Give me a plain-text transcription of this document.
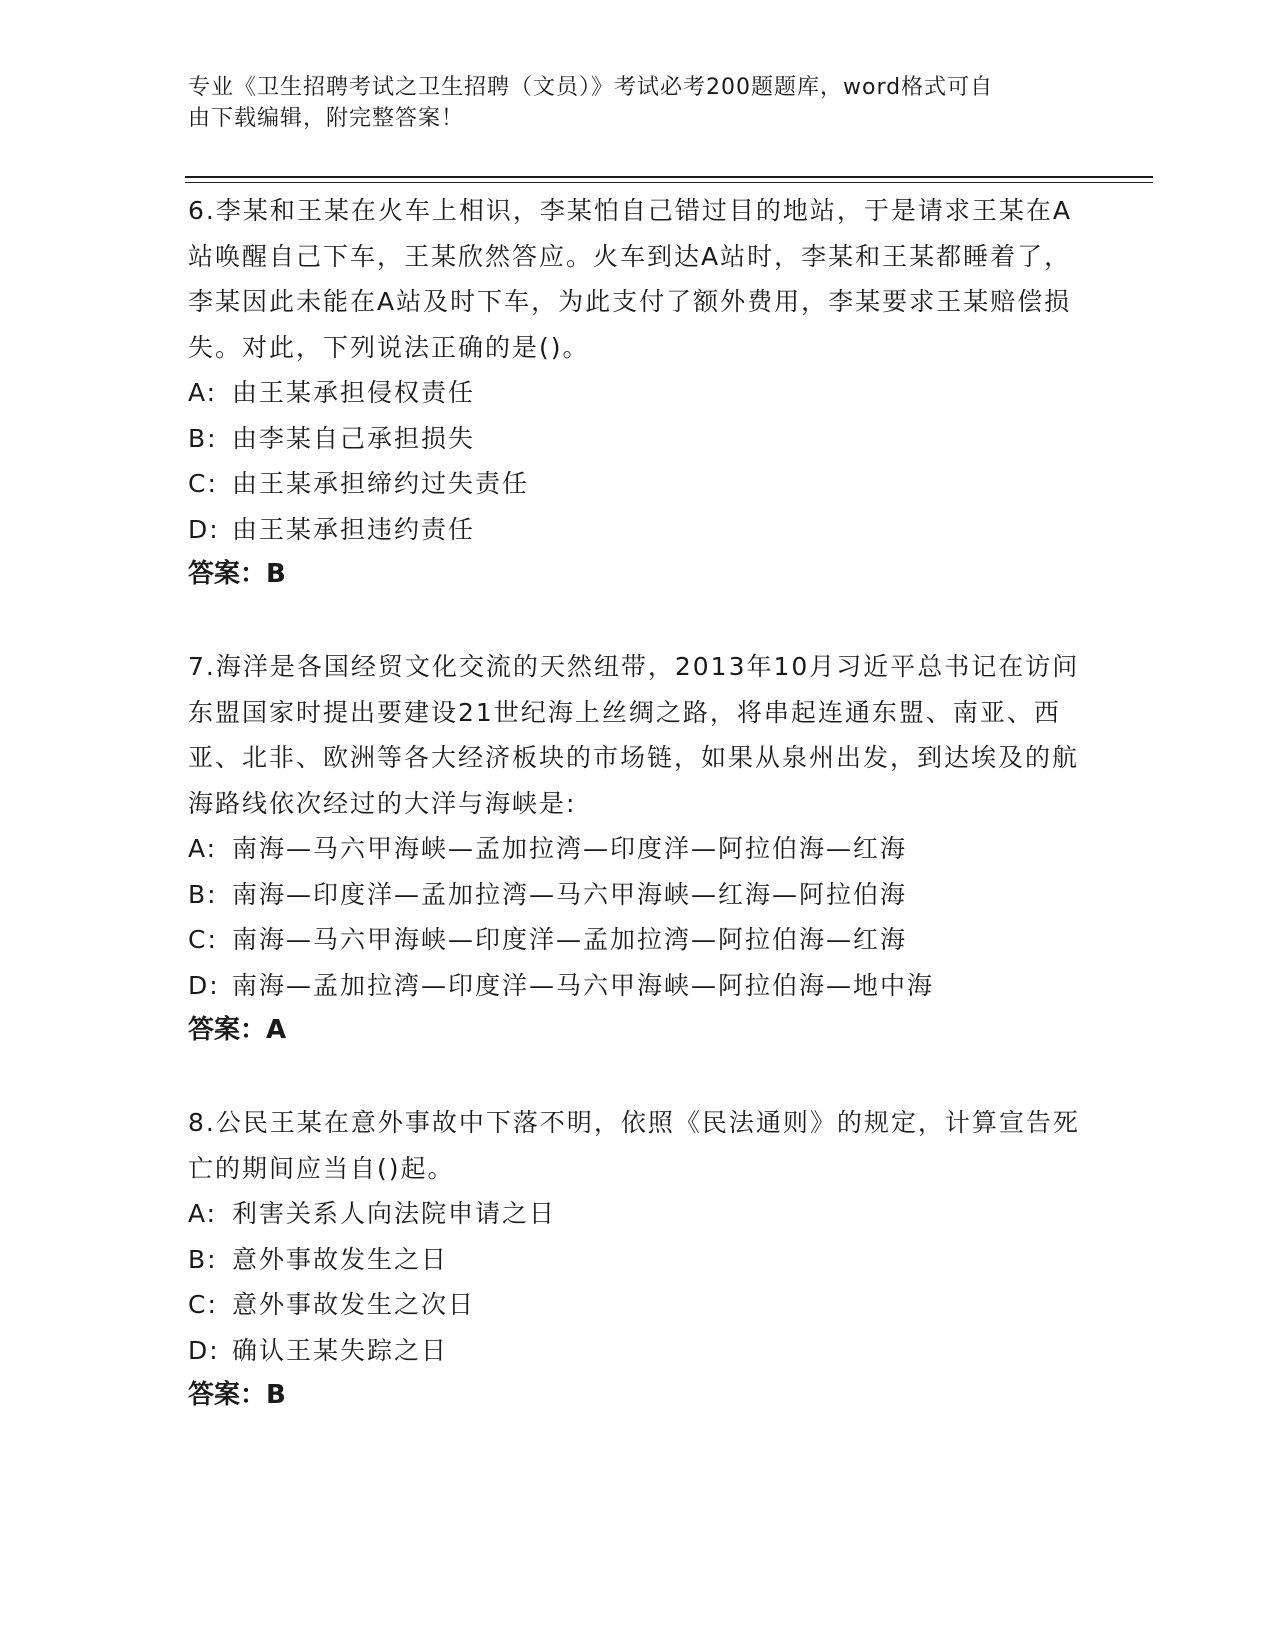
专业《卫生招聘考试之卫生招聘（文员）》考试必考200题题库，word格式可自
由下载编辑，附完整答案！

6.李某和王某在火车上相识，李某怕自己错过目的地站，于是请求王某在A站唤醒自己下车，王某欣然答应。火车到达A站时，李某和王某都睡着了，李某因此未能在A站及时下车，为此支付了额外费用，李某要求王某赔偿损失。对此，下列说法正确的是()。

A: 由王某承担侵权责任

B: 由李某自己承担损失

C: 由王某承担缔约过失责任

D: 由王某承担违约责任

答案：B

7.海洋是各国经贸文化交流的天然纽带，2013年10月习近平总书记在访问东盟国家时提出要建设21世纪海上丝绸之路，将串起连通东盟、南亚、西亚、北非、欧洲等各大经济板块的市场链，如果从泉州出发，到达埃及的航海路线依次经过的大洋与海峡是:

A: 南海—马六甲海峡—孟加拉湾—印度洋—阿拉伯海—红海

B: 南海—印度洋—孟加拉湾—马六甲海峡—红海—阿拉伯海

C: 南海—马六甲海峡—印度洋—孟加拉湾—阿拉伯海—红海

D: 南海—孟加拉湾—印度洋—马六甲海峡—阿拉伯海—地中海

答案：A

8.公民王某在意外事故中下落不明，依照《民法通则》的规定，计算宣告死亡的期间应当自()起。

A: 利害关系人向法院申请之日

B: 意外事故发生之日

C: 意外事故发生之次日

D: 确认王某失踪之日

答案：B
